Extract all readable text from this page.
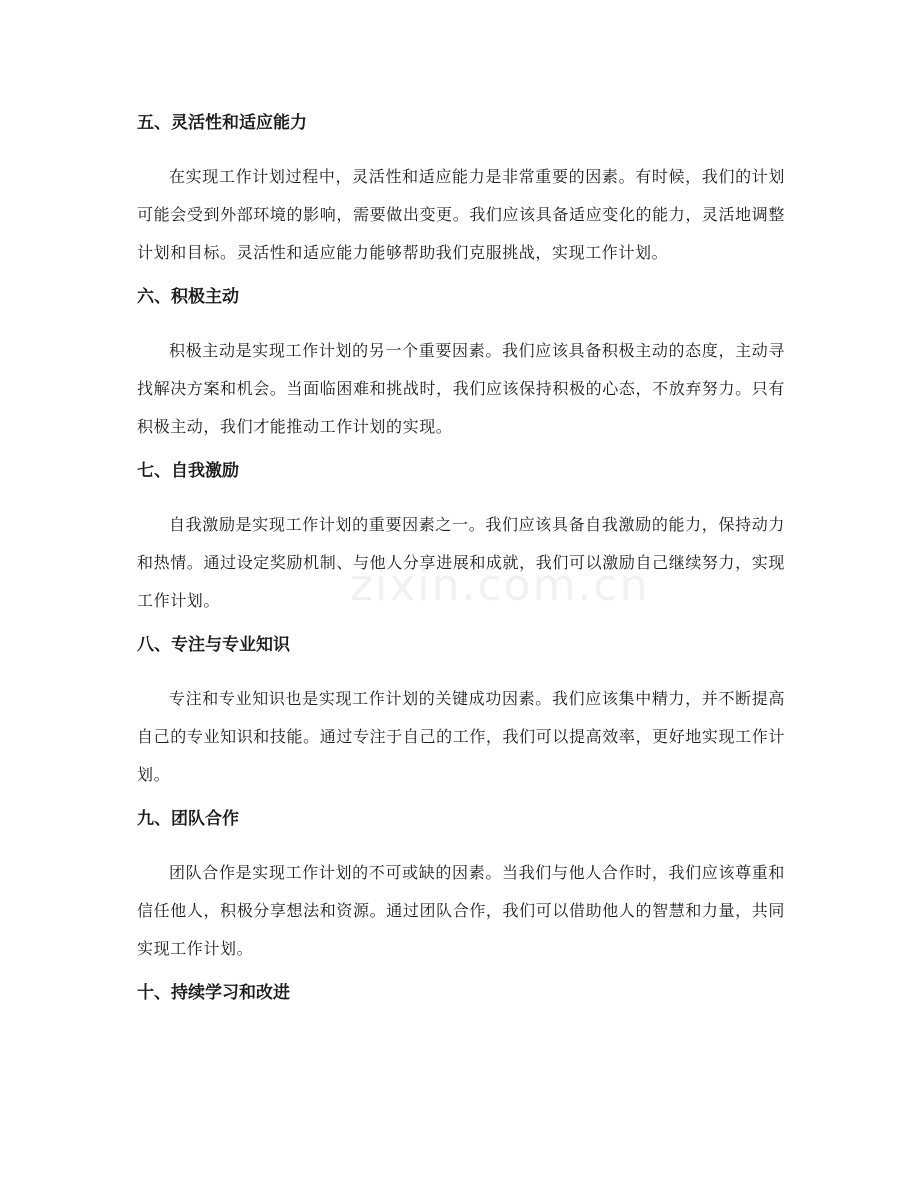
五、灵活性和适应能力

在实现工作计划过程中，灵活性和适应能力是非常重要的因素。有时候，我们的计划可能会受到外部环境的影响，需要做出变更。我们应该具备适应变化的能力，灵活地调整计划和目标。灵活性和适应能力能够帮助我们克服挑战，实现工作计划。

六、积极主动

积极主动是实现工作计划的另一个重要因素。我们应该具备积极主动的态度，主动寻找解决方案和机会。当面临困难和挑战时，我们应该保持积极的心态，不放弃努力。只有积极主动，我们才能推动工作计划的实现。

七、自我激励

自我激励是实现工作计划的重要因素之一。我们应该具备自我激励的能力，保持动力和热情。通过设定奖励机制、与他人分享进展和成就，我们可以激励自己继续努力，实现工作计划。

八、专注与专业知识

专注和专业知识也是实现工作计划的关键成功因素。我们应该集中精力，并不断提高自己的专业知识和技能。通过专注于自己的工作，我们可以提高效率，更好地实现工作计划。

九、团队合作

团队合作是实现工作计划的不可或缺的因素。当我们与他人合作时，我们应该尊重和信任他人，积极分享想法和资源。通过团队合作，我们可以借助他人的智慧和力量，共同实现工作计划。

十、持续学习和改进
zixin.com.cn
